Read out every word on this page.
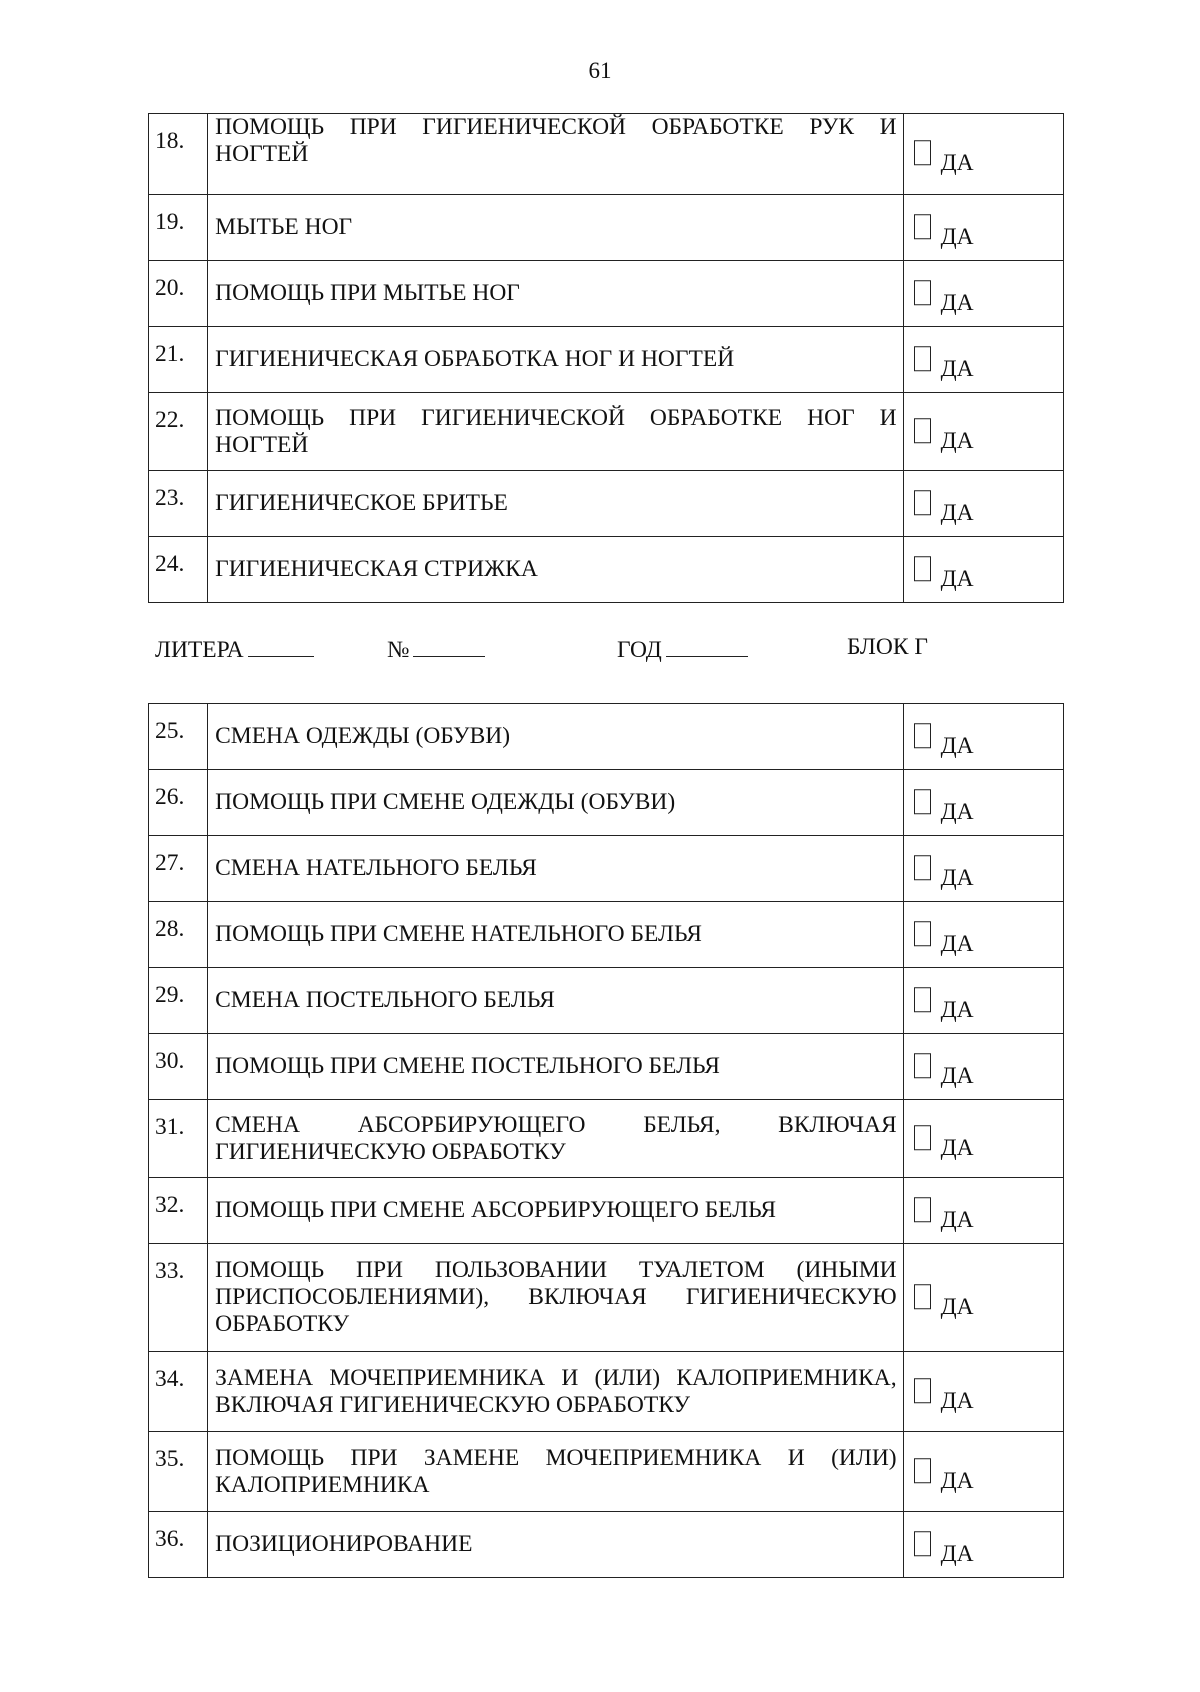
61
18.	ПОМОЩЬ ПРИ ГИГИЕНИЧЕСКОЙ ОБРАБОТКЕ РУК И НОГТЕЙ	ДА

19.	МЫТЬЕ НОГ	ДА

20.	ПОМОЩЬ ПРИ МЫТЬЕ НОГ	ДА

21.	ГИГИЕНИЧЕСКАЯ ОБРАБОТКА НОГ И НОГТЕЙ	ДА

22.	ПОМОЩЬ ПРИ ГИГИЕНИЧЕСКОЙ ОБРАБОТКЕ НОГ И НОГТЕЙ	ДА

23.	ГИГИЕНИЧЕСКОЕ БРИТЬЕ	ДА

24.	ГИГИЕНИЧЕСКАЯ СТРИЖКА	ДА
ЛИТЕРА	№	ГОД	БЛОК Г
25.	СМЕНА ОДЕЖДЫ (ОБУВИ)	ДА

26.	ПОМОЩЬ ПРИ СМЕНЕ ОДЕЖДЫ (ОБУВИ)	ДА

27.	СМЕНА НАТЕЛЬНОГО БЕЛЬЯ	ДА

28.	ПОМОЩЬ ПРИ СМЕНЕ НАТЕЛЬНОГО БЕЛЬЯ	ДА

29.	СМЕНА ПОСТЕЛЬНОГО БЕЛЬЯ	ДА

30.	ПОМОЩЬ ПРИ СМЕНЕ ПОСТЕЛЬНОГО БЕЛЬЯ	ДА

31.	СМЕНА АБСОРБИРУЮЩЕГО БЕЛЬЯ, ВКЛЮЧАЯ ГИГИЕНИЧЕСКУЮ ОБРАБОТКУ	ДА

32.	ПОМОЩЬ ПРИ СМЕНЕ АБСОРБИРУЮЩЕГО БЕЛЬЯ	ДА

33.	ПОМОЩЬ ПРИ ПОЛЬЗОВАНИИ ТУАЛЕТОМ (ИНЫМИ ПРИСПОСОБЛЕНИЯМИ), ВКЛЮЧАЯ ГИГИЕНИЧЕСКУЮ ОБРАБОТКУ	ДА

34.	ЗАМЕНА МОЧЕПРИЕМНИКА И (ИЛИ) КАЛОПРИЕМНИКА, ВКЛЮЧАЯ ГИГИЕНИЧЕСКУЮ ОБРАБОТКУ	ДА

35.	ПОМОЩЬ ПРИ ЗАМЕНЕ МОЧЕПРИЕМНИКА И (ИЛИ) КАЛОПРИЕМНИКА	ДА

36.	ПОЗИЦИОНИРОВАНИЕ	ДА
